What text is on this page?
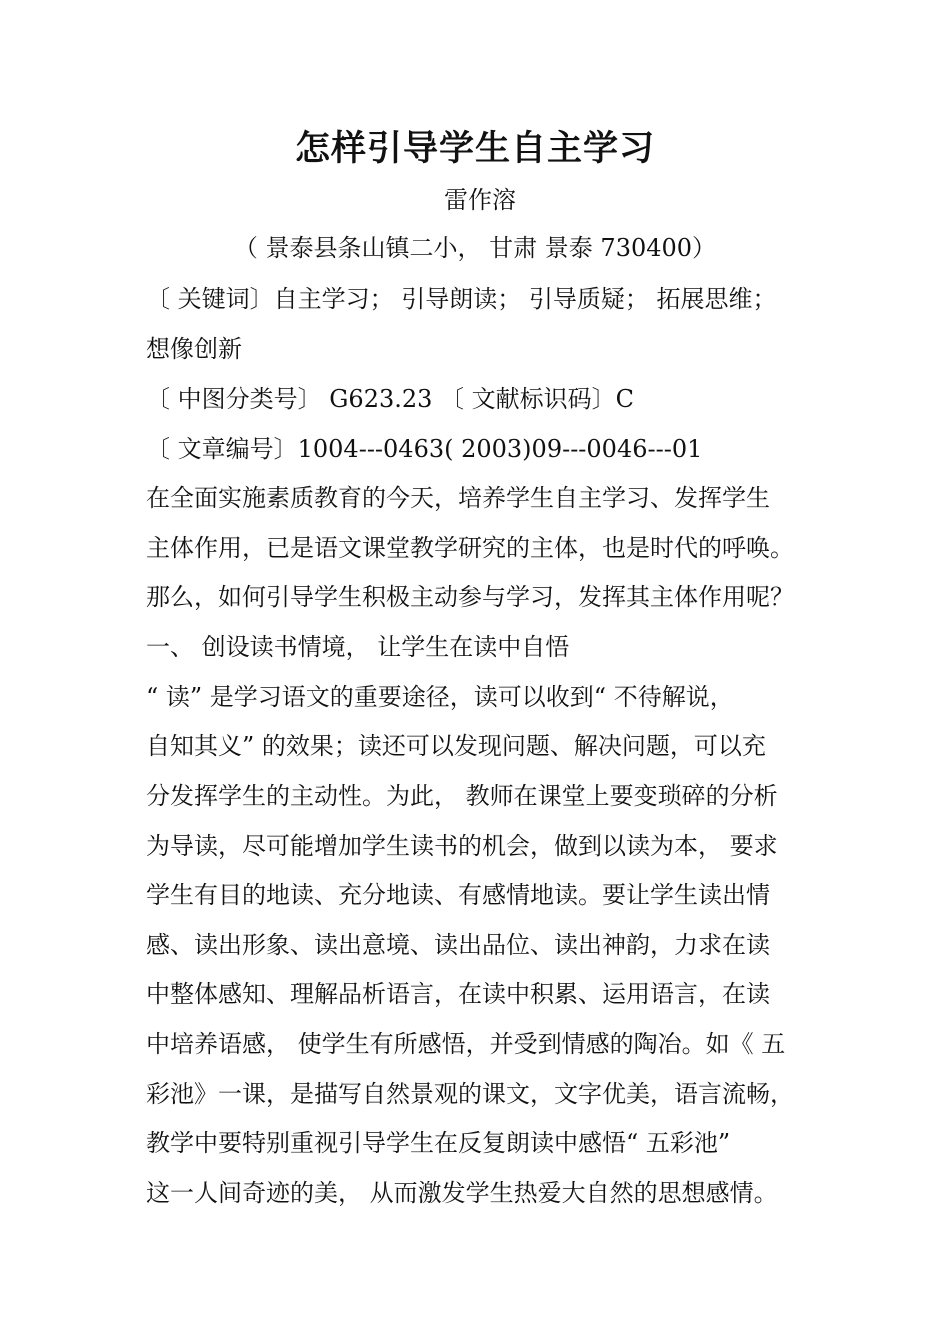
怎样引导学生自主学习
雷作溶
（ 景泰县条山镇二小， 甘肃 景泰 730400）
〔 关键词〕自主学习； 引导朗读； 引导质疑； 拓展思维；
想像创新
〔 中图分类号〕 G623.23 〔 文献标识码〕C
〔 文章编号〕1004---0463( 2003)09---0046---01
在全面实施素质教育的今天，培养学生自主学习、发挥学生
主体作用，已是语文课堂教学研究的主体，也是时代的呼唤。
那么，如何引导学生积极主动参与学习，发挥其主体作用呢？
一、 创设读书情境， 让学生在读中自悟
“ 读” 是学习语文的重要途径，读可以收到“ 不待解说，
自知其义” 的效果；读还可以发现问题、解决问题，可以充
分发挥学生的主动性。为此， 教师在课堂上要变琐碎的分析
为导读，尽可能增加学生读书的机会，做到以读为本， 要求
学生有目的地读、充分地读、有感情地读。要让学生读出情
感、读出形象、读出意境、读出品位、读出神韵，力求在读
中整体感知、理解品析语言，在读中积累、运用语言，在读
中培养语感， 使学生有所感悟，并受到情感的陶冶。如《 五
彩池》一课，是描写自然景观的课文，文字优美，语言流畅，
教学中要特别重视引导学生在反复朗读中感悟“ 五彩池”
这一人间奇迹的美， 从而激发学生热爱大自然的思想感情。
